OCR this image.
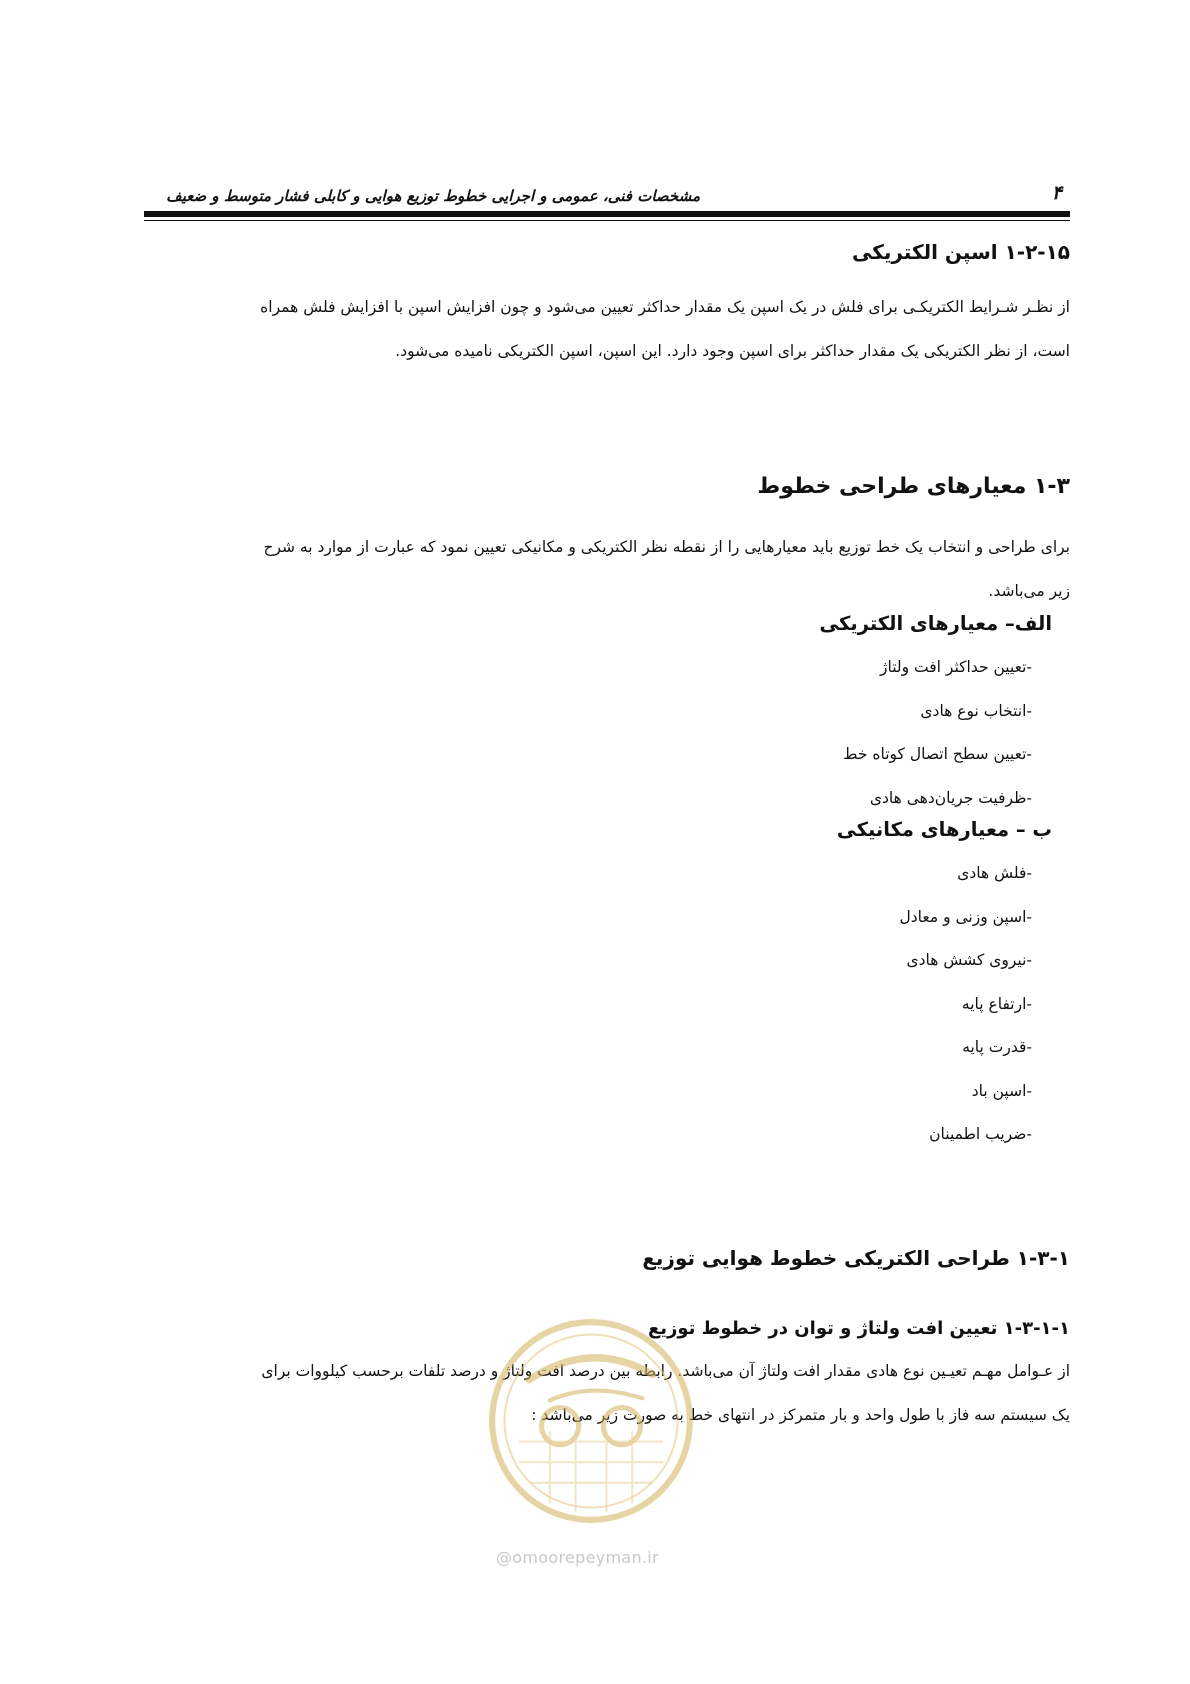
مشخصات فنی، عمومی و اجرایی خطوط توزیع هوایی و کابلی فشار متوسط و ضعیف	۴
۱-۲-۱۵ اسپن الکتریکی

از نظـر شـرایط الکتریکـی برای فلش در یک اسپن یک مقدار حداکثر تعیین می‌شود و چون افزایش اسپن با افزایش فلش همراه

است، از نظر الکتریکی یک مقدار حداکثر برای اسپن وجود دارد. این اسپن، اسپن الکتریکی نامیده می‌شود.

۱-۳ معیارهای طراحی خطوط

برای طراحی و انتخاب یک خط توزیع باید معیارهایی را از نقطه نظر الکتریکی و مکانیکی تعیین نمود که عبارت از موارد به شرح

زیر می‌باشد.

الف– معیارهای الکتریکی
-تعیین حداکثر افت ولتاژ
-انتخاب نوع هادی
-تعیین سطح اتصال کوتاه خط
-ظرفیت جریان‌دهی هادی
ب – معیارهای مکانیکی
-فلش هادی
-اسپن وزنی و معادل
-نیروی کشش هادی
-ارتفاع پایه
-قدرت پایه
-اسپن باد
-ضریب اطمینان
۱-۳-۱ طراحی الکتریکی خطوط هوایی توزیع
۱-۳-۱-۱ تعیین افت ولتاژ و توان در خطوط توزیع

از عـوامل مهـم تعیـین نوع هادی مقدار افت ولتاژ آن می‌باشد. رابطه بین درصد افت ولتاژ و درصد تلفات برحسب کیلووات برای

یک سیستم سه فاز با طول واحد و بار متمرکز در انتهای خط به صورت زیر می‌باشد :

@omoorepeyman.ir
